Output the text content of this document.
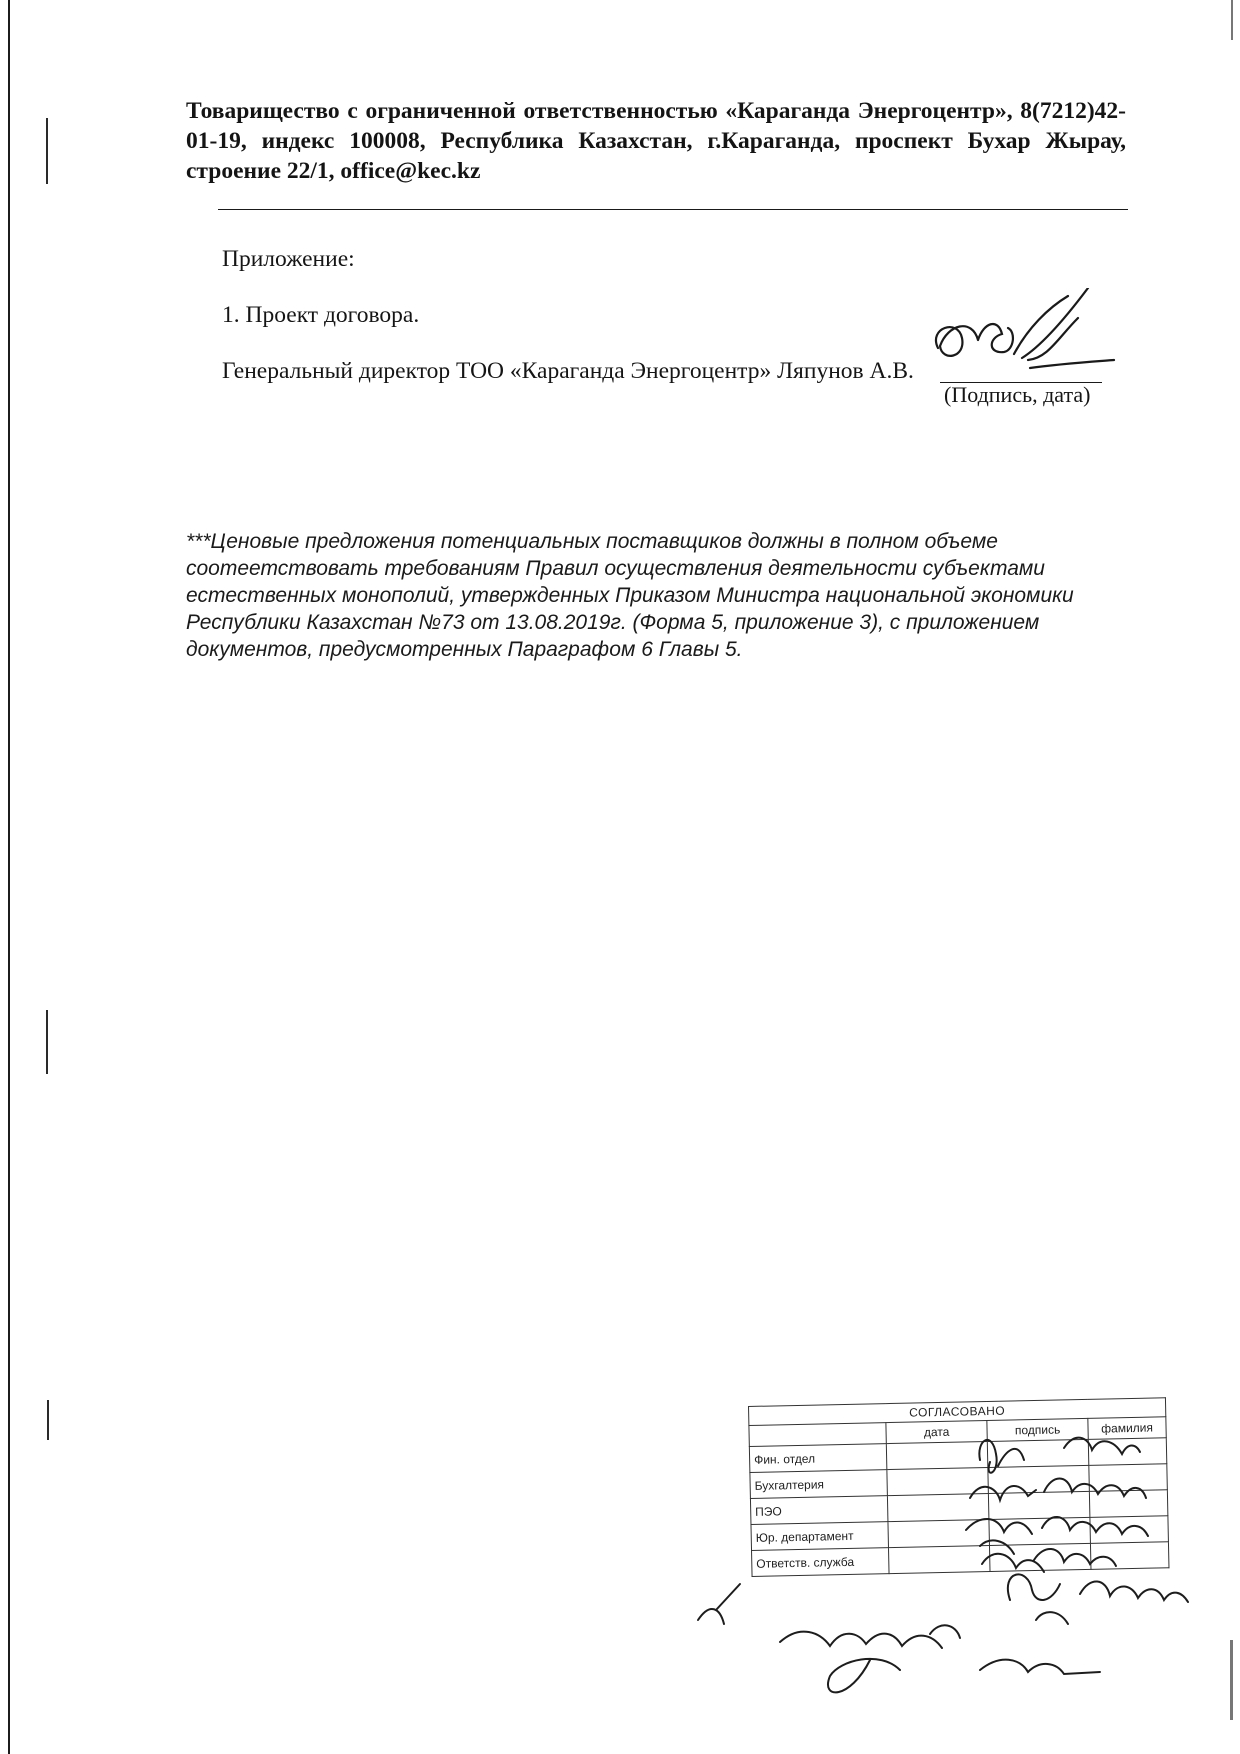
Товарищество с ограниченной ответственностью «Караганда Энергоцентр», 8(7212)42-01-19, индекс 100008, Республика Казахстан, г.Караганда, проспект Бухар Жырау, строение 22/1, office@kec.kz
Приложение:
1. Проект договора.
Генеральный директор ТОО «Караганда Энергоцентр» Ляпунов А.В.
(Подпись, дата)
***Ценовые предложения потенциальных поставщиков должны в полном объеме соотеетствовать требованиям Правил осуществления деятельности субъектами естественных монополий, утвержденных Приказом Министра национальной экономики Республики Казахстан №73 от 13.08.2019г. (Форма 5, приложение 3), с приложением документов, предусмотренных Параграфом 6 Главы 5.
СОГЛАСОВАНО			
	дата	подпись	фамилия
Фин. отдел			
Бухгалтерия			
ПЭО			
Юр. департамент			
Ответств. служба			
